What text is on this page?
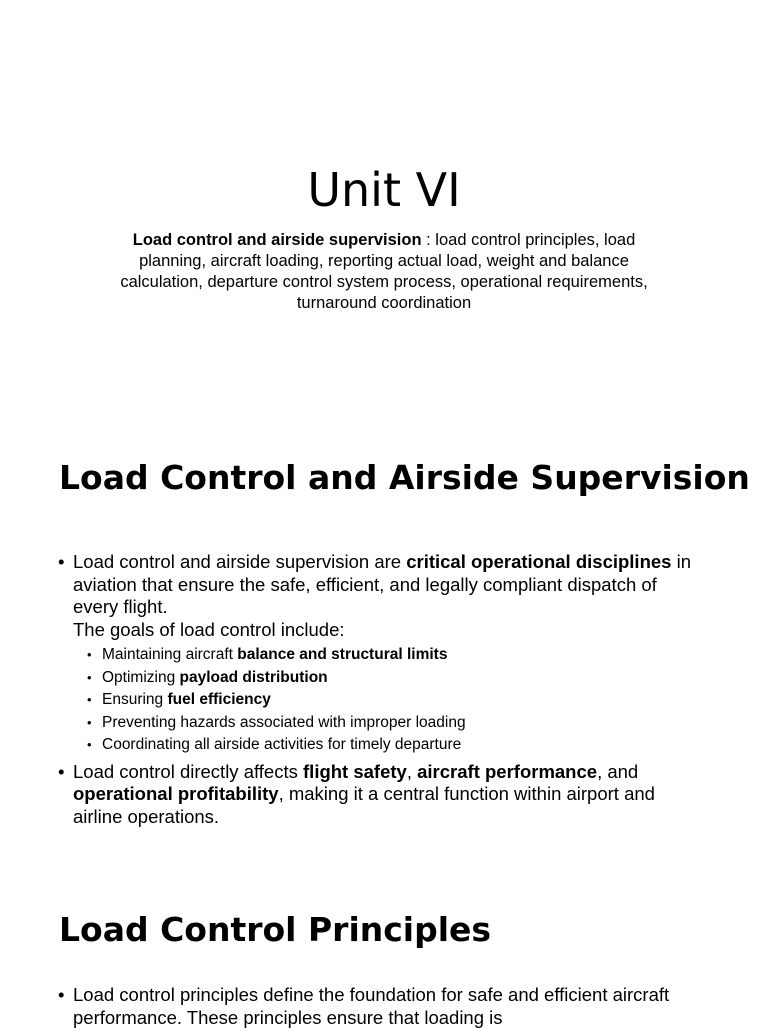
Unit VI

Load control and airside supervision : load control principles, load planning, aircraft loading, reporting actual load, weight and balance calculation, departure control system process, operational requirements, turnaround coordination

Load Control and Airside Supervision
• Load control and airside supervision are critical operational disciplines in aviation that ensure the safe, efficient, and legally compliant dispatch of every flight.
The goals of load control include:
• Maintaining aircraft balance and structural limits
• Optimizing payload distribution
• Ensuring fuel efficiency
• Preventing hazards associated with improper loading
• Coordinating all airside activities for timely departure
• Load control directly affects flight safety, aircraft performance, and operational profitability, making it a central function within airport and airline operations.
Load Control Principles
• Load control principles define the foundation for safe and efficient aircraft performance. These principles ensure that loading is
